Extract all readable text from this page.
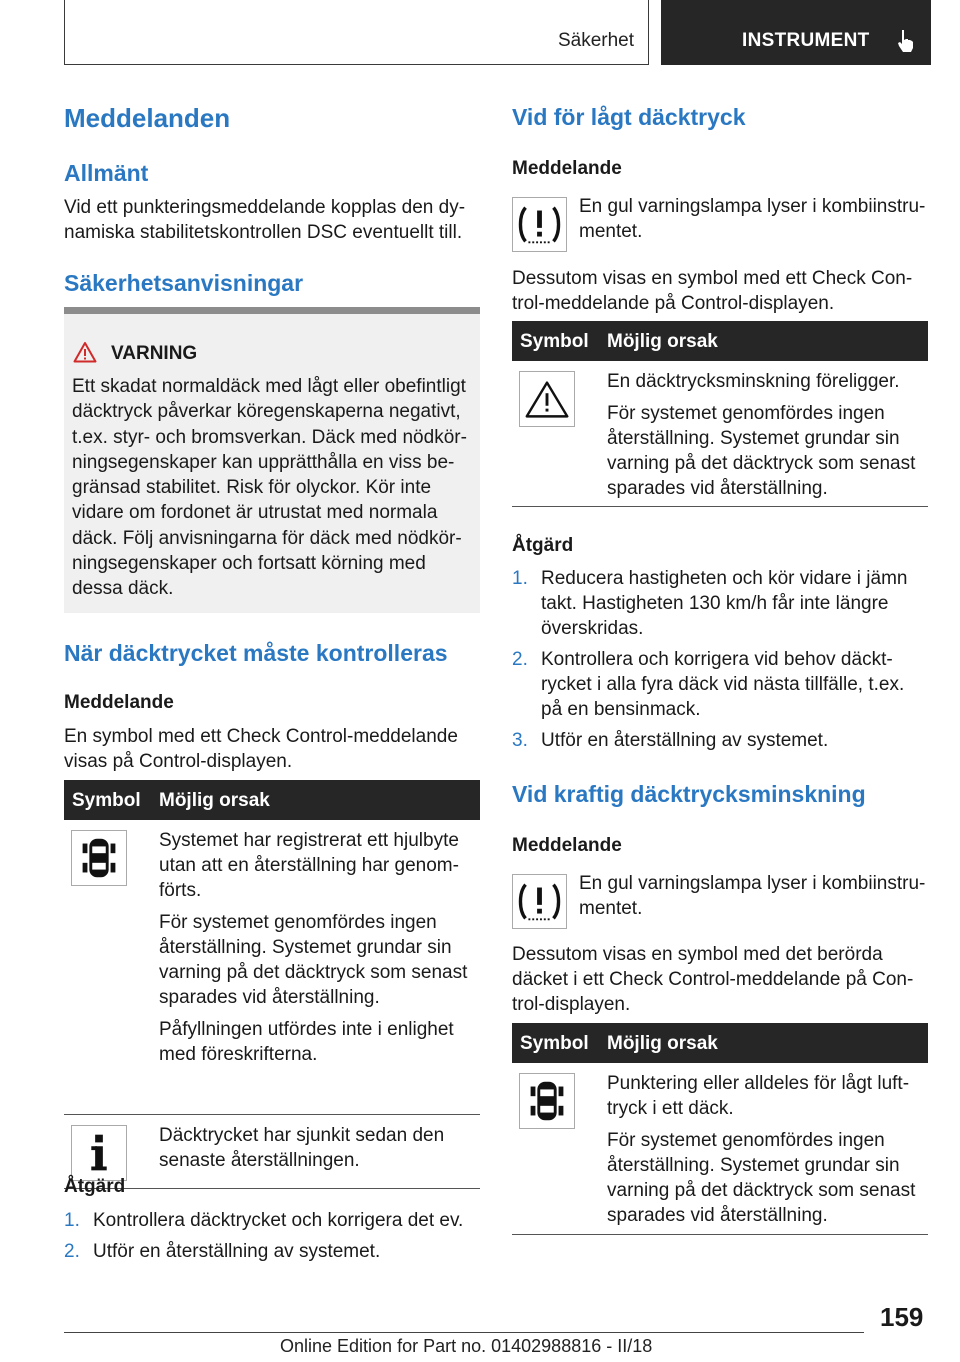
Säkerhet	INSTRUMENT
Meddelanden
Allmänt
Vid ett punkteringsmeddelande kopplas den dy-namiska stabilitetskontrollen DSC eventuellt till.
Säkerhetsanvisningar
VARNING
Ett skadat normaldäck med lågt eller obefintligt däcktryck påverkar köregenskaperna negativt, t.ex. styr- och bromsverkan. Däck med nödkör-ningsegenskaper kan upprätthålla en viss be-gränsad stabilitet. Risk för olyckor. Kör inte vidare om fordonet är utrustat med normala däck. Följ anvisningarna för däck med nödkör-ningsegenskaper och fortsatt körning med dessa däck.
När däcktrycket måste kontrolleras
Meddelande
En symbol med ett Check Control-meddelande visas på Control-displayen.
Symbol Möjlig orsak
Systemet har registrerat ett hjulbyte utan att en återställning har genom-förts.
För systemet genomfördes ingen återställning. Systemet grundar sin varning på det däcktryck som senast sparades vid återställning.
Påfyllningen utfördes inte i enlighet med föreskrifterna.
Däcktrycket har sjunkit sedan den senaste återställningen.
Åtgärd
1. Kontrollera däcktrycket och korrigera det ev.
2. Utför en återställning av systemet.
Vid för lågt däcktryck
Meddelande
En gul varningslampa lyser i kombiinstru-mentet.
Dessutom visas en symbol med ett Check Con-trol-meddelande på Control-displayen.
Symbol Möjlig orsak
En däcktrycksminskning föreligger.
För systemet genomfördes ingen återställning. Systemet grundar sin varning på det däcktryck som senast sparades vid återställning.
Åtgärd
1. Reducera hastigheten och kör vidare i jämn takt. Hastigheten 130 km/h får inte längre överskridas.
2. Kontrollera och korrigera vid behov däckt-rycket i alla fyra däck vid nästa tillfälle, t.ex. på en bensinmack.
3. Utför en återställning av systemet.
Vid kraftig däcktrycksminskning
Meddelande
En gul varningslampa lyser i kombiinstru-mentet.
Dessutom visas en symbol med det berörda däcket i ett Check Control-meddelande på Con-trol-displayen.
Symbol Möjlig orsak
Punktering eller alldeles för lågt luft-tryck i ett däck.
För systemet genomfördes ingen återställning. Systemet grundar sin varning på det däcktryck som senast sparades vid återställning.
159
Online Edition for Part no. 01402988816 - II/18
